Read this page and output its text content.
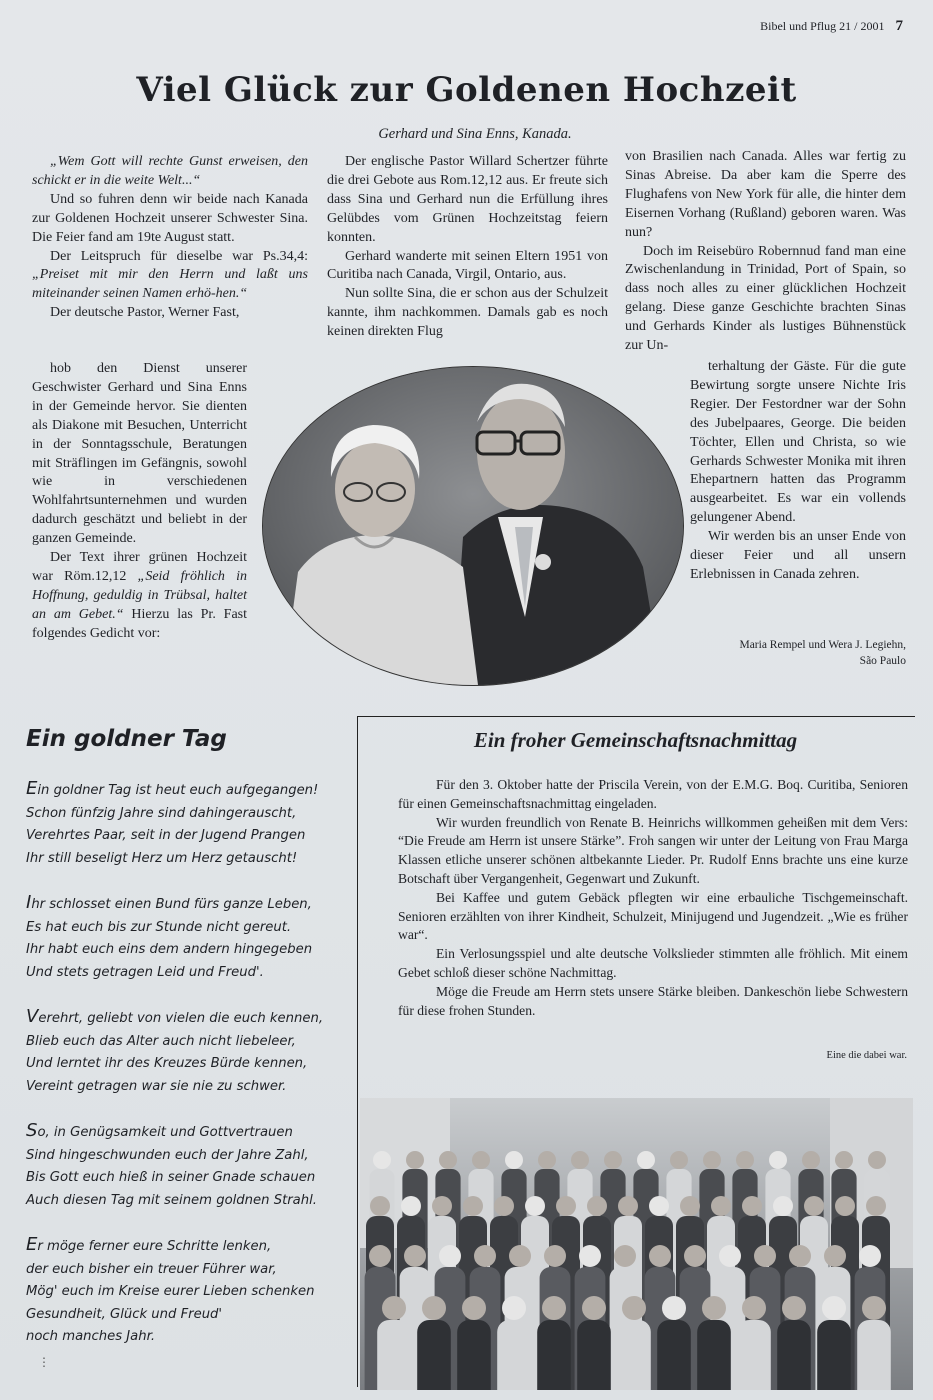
Bibel und Pflug 21 / 2001 7
Viel Glück zur Goldenen Hochzeit
Gerhard und Sina Enns, Kanada.

„Wem Gott will rechte Gunst erweisen, den schickt er in die weite Welt...“

Und so fuhren denn wir beide nach Kanada zur Goldenen Hochzeit unserer Schwester Sina. Die Feier fand am 19te August statt.

Der Leitspruch für dieselbe war Ps.34,4: „Preiset mit mir den Herrn und laßt uns miteinander seinen Namen erhö-hen.“

Der deutsche Pastor, Werner Fast,

hob den Dienst unserer Geschwister Gerhard und Sina Enns in der Gemeinde hervor. Sie dienten als Diakone mit Besuchen, Unterricht in der Sonntagsschule, Beratungen mit Sträflingen im Gefängnis, sowohl wie in verschiedenen Wohlfahrtsunternehmen und wurden dadurch geschätzt und beliebt in der ganzen Gemeinde.

Der Text ihrer grünen Hochzeit war Röm.12,12 „Seid fröhlich in Hoffnung, geduldig in Trübsal, haltet an am Gebet.“ Hierzu las Pr. Fast folgendes Gedicht vor:

Der englische Pastor Willard Schertzer führte die drei Gebote aus Rom.12,12 aus. Er freute sich dass Sina und Gerhard nun die Erfüllung ihres Gelübdes vom Grünen Hochzeitstag feiern konnten.

Gerhard wanderte mit seinen Eltern 1951 von Curitiba nach Canada, Virgil, Ontario, aus.

Nun sollte Sina, die er schon aus der Schulzeit kannte, ihm nachkommen. Damals gab es noch keinen direkten Flug

von Brasilien nach Canada. Alles war fertig zu Sinas Abreise. Da aber kam die Sperre des Flughafens von New York für alle, die hinter dem Eisernen Vorhang (Rußland) geboren waren. Was nun?

Doch im Reisebüro Robernnud fand man eine Zwischenlandung in Trinidad, Port of Spain, so dass noch alles zu einer glücklichen Hochzeit gelang. Diese ganze Geschichte brachten Sinas und Gerhards Kinder als lustiges Bühnenstück zur Un-

terhaltung der Gäste. Für die gute Bewirtung sorgte unsere Nichte Iris Regier. Der Festordner war der Sohn des Jubelpaares, George. Die beiden Töchter, Ellen und Christa, so wie Gerhards Schwester Monika mit ihren Ehepartnern hatten das Programm ausgearbeitet. Es war ein vollends gelungener Abend.

Wir werden bis an unser Ende von dieser Feier und all unsern Erlebnissen in Canada zehren.

Maria Rempel und Wera J. Legiehn,
São Paulo
Ein goldner Tag
Ein goldner Tag ist heut euch aufgegangen!
Schon fünfzig Jahre sind dahingerauscht,
Verehrtes Paar, seit in der Jugend Prangen
Ihr still beseligt Herz um Herz getauscht!
Ihr schlosset einen Bund fürs ganze Leben,
Es hat euch bis zur Stunde nicht gereut.
Ihr habt euch eins dem andern hingegeben
Und stets getragen Leid und Freud'.
Verehrt, geliebt von vielen die euch kennen,
Blieb euch das Alter auch nicht liebeleer,
Und lerntet ihr des Kreuzes Bürde kennen,
Vereint getragen war sie nie zu schwer.
So, in Genügsamkeit und Gottvertrauen
Sind hingeschwunden euch der Jahre Zahl,
Bis Gott euch hieß in seiner Gnade schauen
Auch diesen Tag mit seinem goldnen Strahl.
Er möge ferner eure Schritte lenken,
der euch bisher ein treuer Führer war,
Mög' euch im Kreise eurer Lieben schenken
Gesundheit, Glück und Freud'
noch manches Jahr.
Ein froher Gemeinschaftsnachmittag

Für den 3. Oktober hatte der Priscila Verein, von der E.M.G. Boq. Curitiba, Senioren für einen Gemeinschaftsnachmittag eingeladen.

Wir wurden freundlich von Renate B. Heinrichs willkommen geheißen mit dem Vers: “Die Freude am Herrn ist unsere Stärke”. Froh sangen wir unter der Leitung von Frau Marga Klassen etliche unserer schönen altbekannte Lieder. Pr. Rudolf Enns brachte uns eine kurze Botschaft über Vergangenheit, Gegenwart und Zukunft.

Bei Kaffee und gutem Gebäck pflegten wir eine erbauliche Tischgemeinschaft. Senioren erzählten von ihrer Kindheit, Schulzeit, Minijugend und Jugendzeit. „Wie es früher war“.

Ein Verlosungsspiel und alte deutsche Volkslieder stimmten alle fröhlich. Mit einem Gebet schloß dieser schöne Nachmittag.

Möge die Freude am Herrn stets unsere Stärke bleiben. Dankeschön liebe Schwestern für diese frohen Stunden.

Eine die dabei war.
⋮
